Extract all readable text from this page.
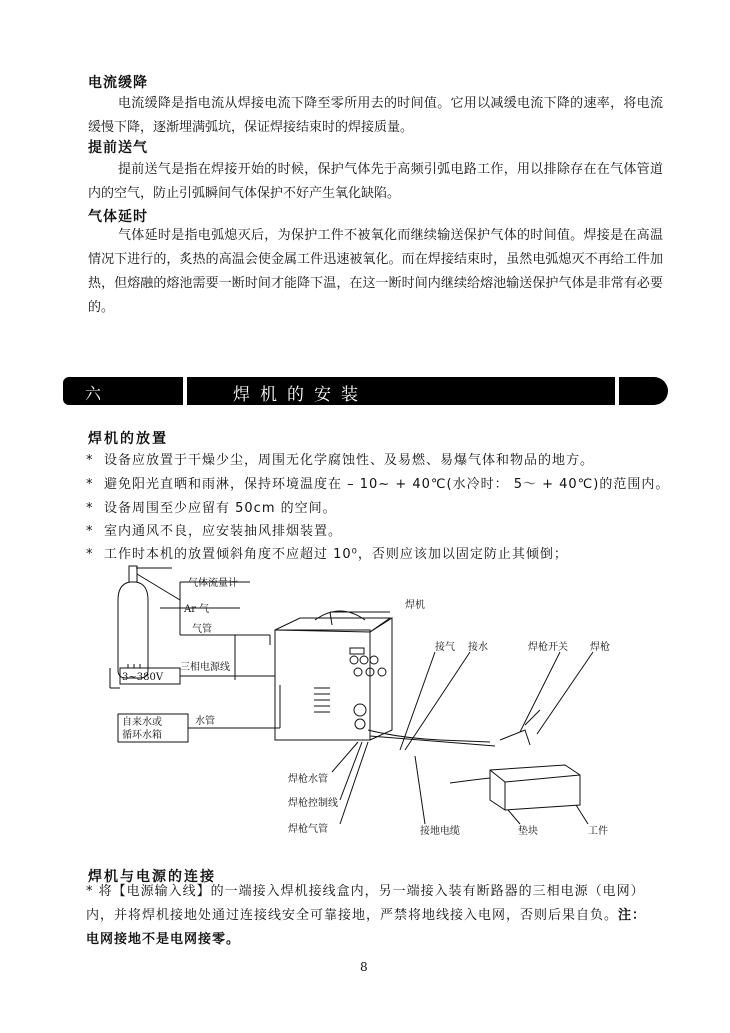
电流缓降
电流缓降是指电流从焊接电流下降至零所用去的时间值。它用以减缓电流下降的速率，将电流缓慢下降，逐渐埋满弧坑，保证焊接结束时的焊接质量。
提前送气
提前送气是指在焊接开始的时候，保护气体先于高频引弧电路工作，用以排除存在在气体管道内的空气，防止引弧瞬间气体保护不好产生氧化缺陷。
气体延时
气体延时是指电弧熄灭后，为保护工件不被氧化而继续输送保护气体的时间值。焊接是在高温情况下进行的，炙热的高温会使金属工件迅速被氧化。而在焊接结束时，虽然电弧熄灭不再给工件加热，但熔融的熔池需要一断时间才能降下温，在这一断时间内继续给熔池输送保护气体是非常有必要的。
六	焊机的安装
焊机的放置
* 设备应放置于干燥少尘，周围无化学腐蚀性、及易燃、易爆气体和物品的地方。
* 避免阳光直晒和雨淋，保持环境温度在 – 10~ + 40℃(水冷时： 5～ + 40℃)的范围内。
* 设备周围至少应留有 50cm 的空间。
* 室内通风不良，应安装抽风排烟装置。
* 工作时本机的放置倾斜角度不应超过 10⁰，否则应该加以固定防止其倾倒；
气体流量计
Ar 气
气管
三相电源线
3~380V
自来水或
循环水箱
水管
焊机
接气 接水	焊枪开关 焊枪
焊枪水管
焊枪控制线
焊枪气管	接地电缆	垫块	工件
焊机与电源的连接
* 将【电源输入线】的一端接入焊机接线盒内，另一端接入装有断路器的三相电源（电网）
内，并将焊机接地处通过连接线安全可靠接地，严禁将地线接入电网，否则后果自负。注：
电网接地不是电网接零。
8
